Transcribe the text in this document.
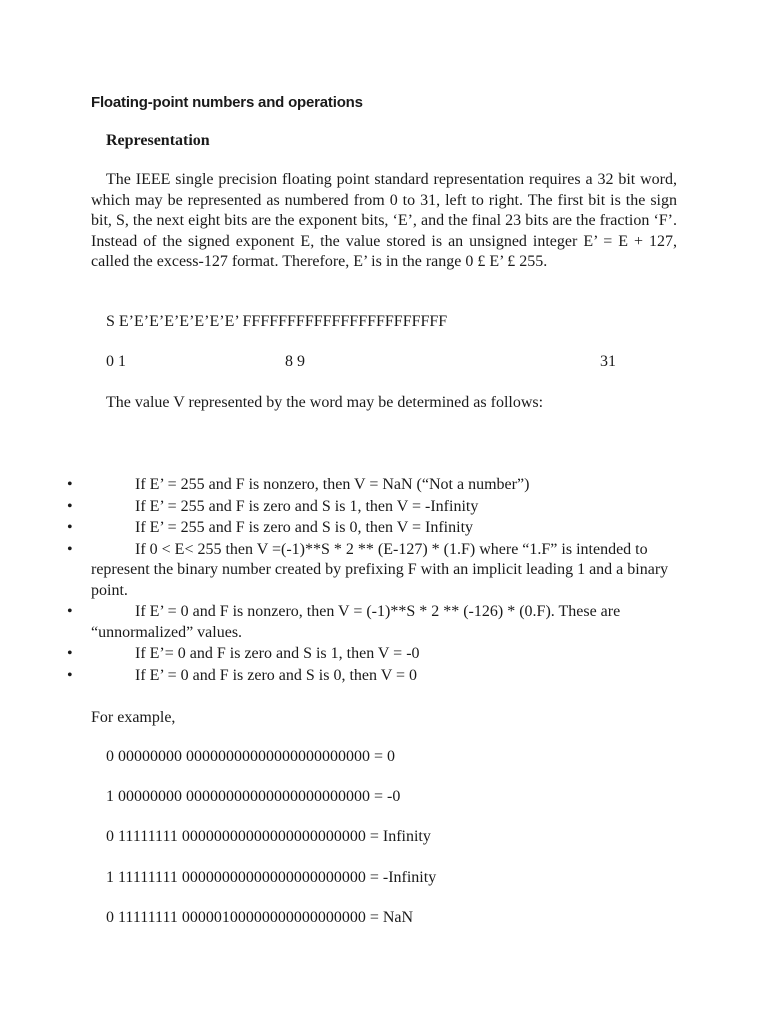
Floating-point numbers and operations
Representation
The IEEE single precision floating point standard representation requires a 32 bit word, which may be represented as numbered from 0 to 31, left to right. The first bit is the sign bit, S, the next eight bits are the exponent bits, ‘E’, and the final 23 bits are the fraction ‘F’. Instead of the signed exponent E, the value stored is an unsigned integer E’ = E + 127, called the excess-127 format. Therefore, E’ is in the range 0 £ E’ £ 255.
S E’E’E’E’E’E’E’E’ FFFFFFFFFFFFFFFFFFFFFFF
0 1	8 9	31
The value V represented by the word may be determined as follows:
•	If E’ = 255 and F is nonzero, then V = NaN (“Not a number”)
•	If E’ = 255 and F is zero and S is 1, then V = -Infinity
•	If E’ = 255 and F is zero and S is 0, then V = Infinity
•	If 0 < E< 255 then V =(-1)**S * 2 ** (E-127) * (1.F) where “1.F” is intended to represent the binary number created by prefixing F with an implicit leading 1 and a binary point.
•	If E’ = 0 and F is nonzero, then V = (-1)**S * 2 ** (-126) * (0.F). These are “unnormalized” values.
•	If E’= 0 and F is zero and S is 1, then V = -0
•	If E’ = 0 and F is zero and S is 0, then V = 0
For example,
0 00000000 00000000000000000000000 = 0
1 00000000 00000000000000000000000 = -0
0 11111111 00000000000000000000000 = Infinity
1 11111111 00000000000000000000000 = -Infinity
0 11111111 00000100000000000000000 = NaN
